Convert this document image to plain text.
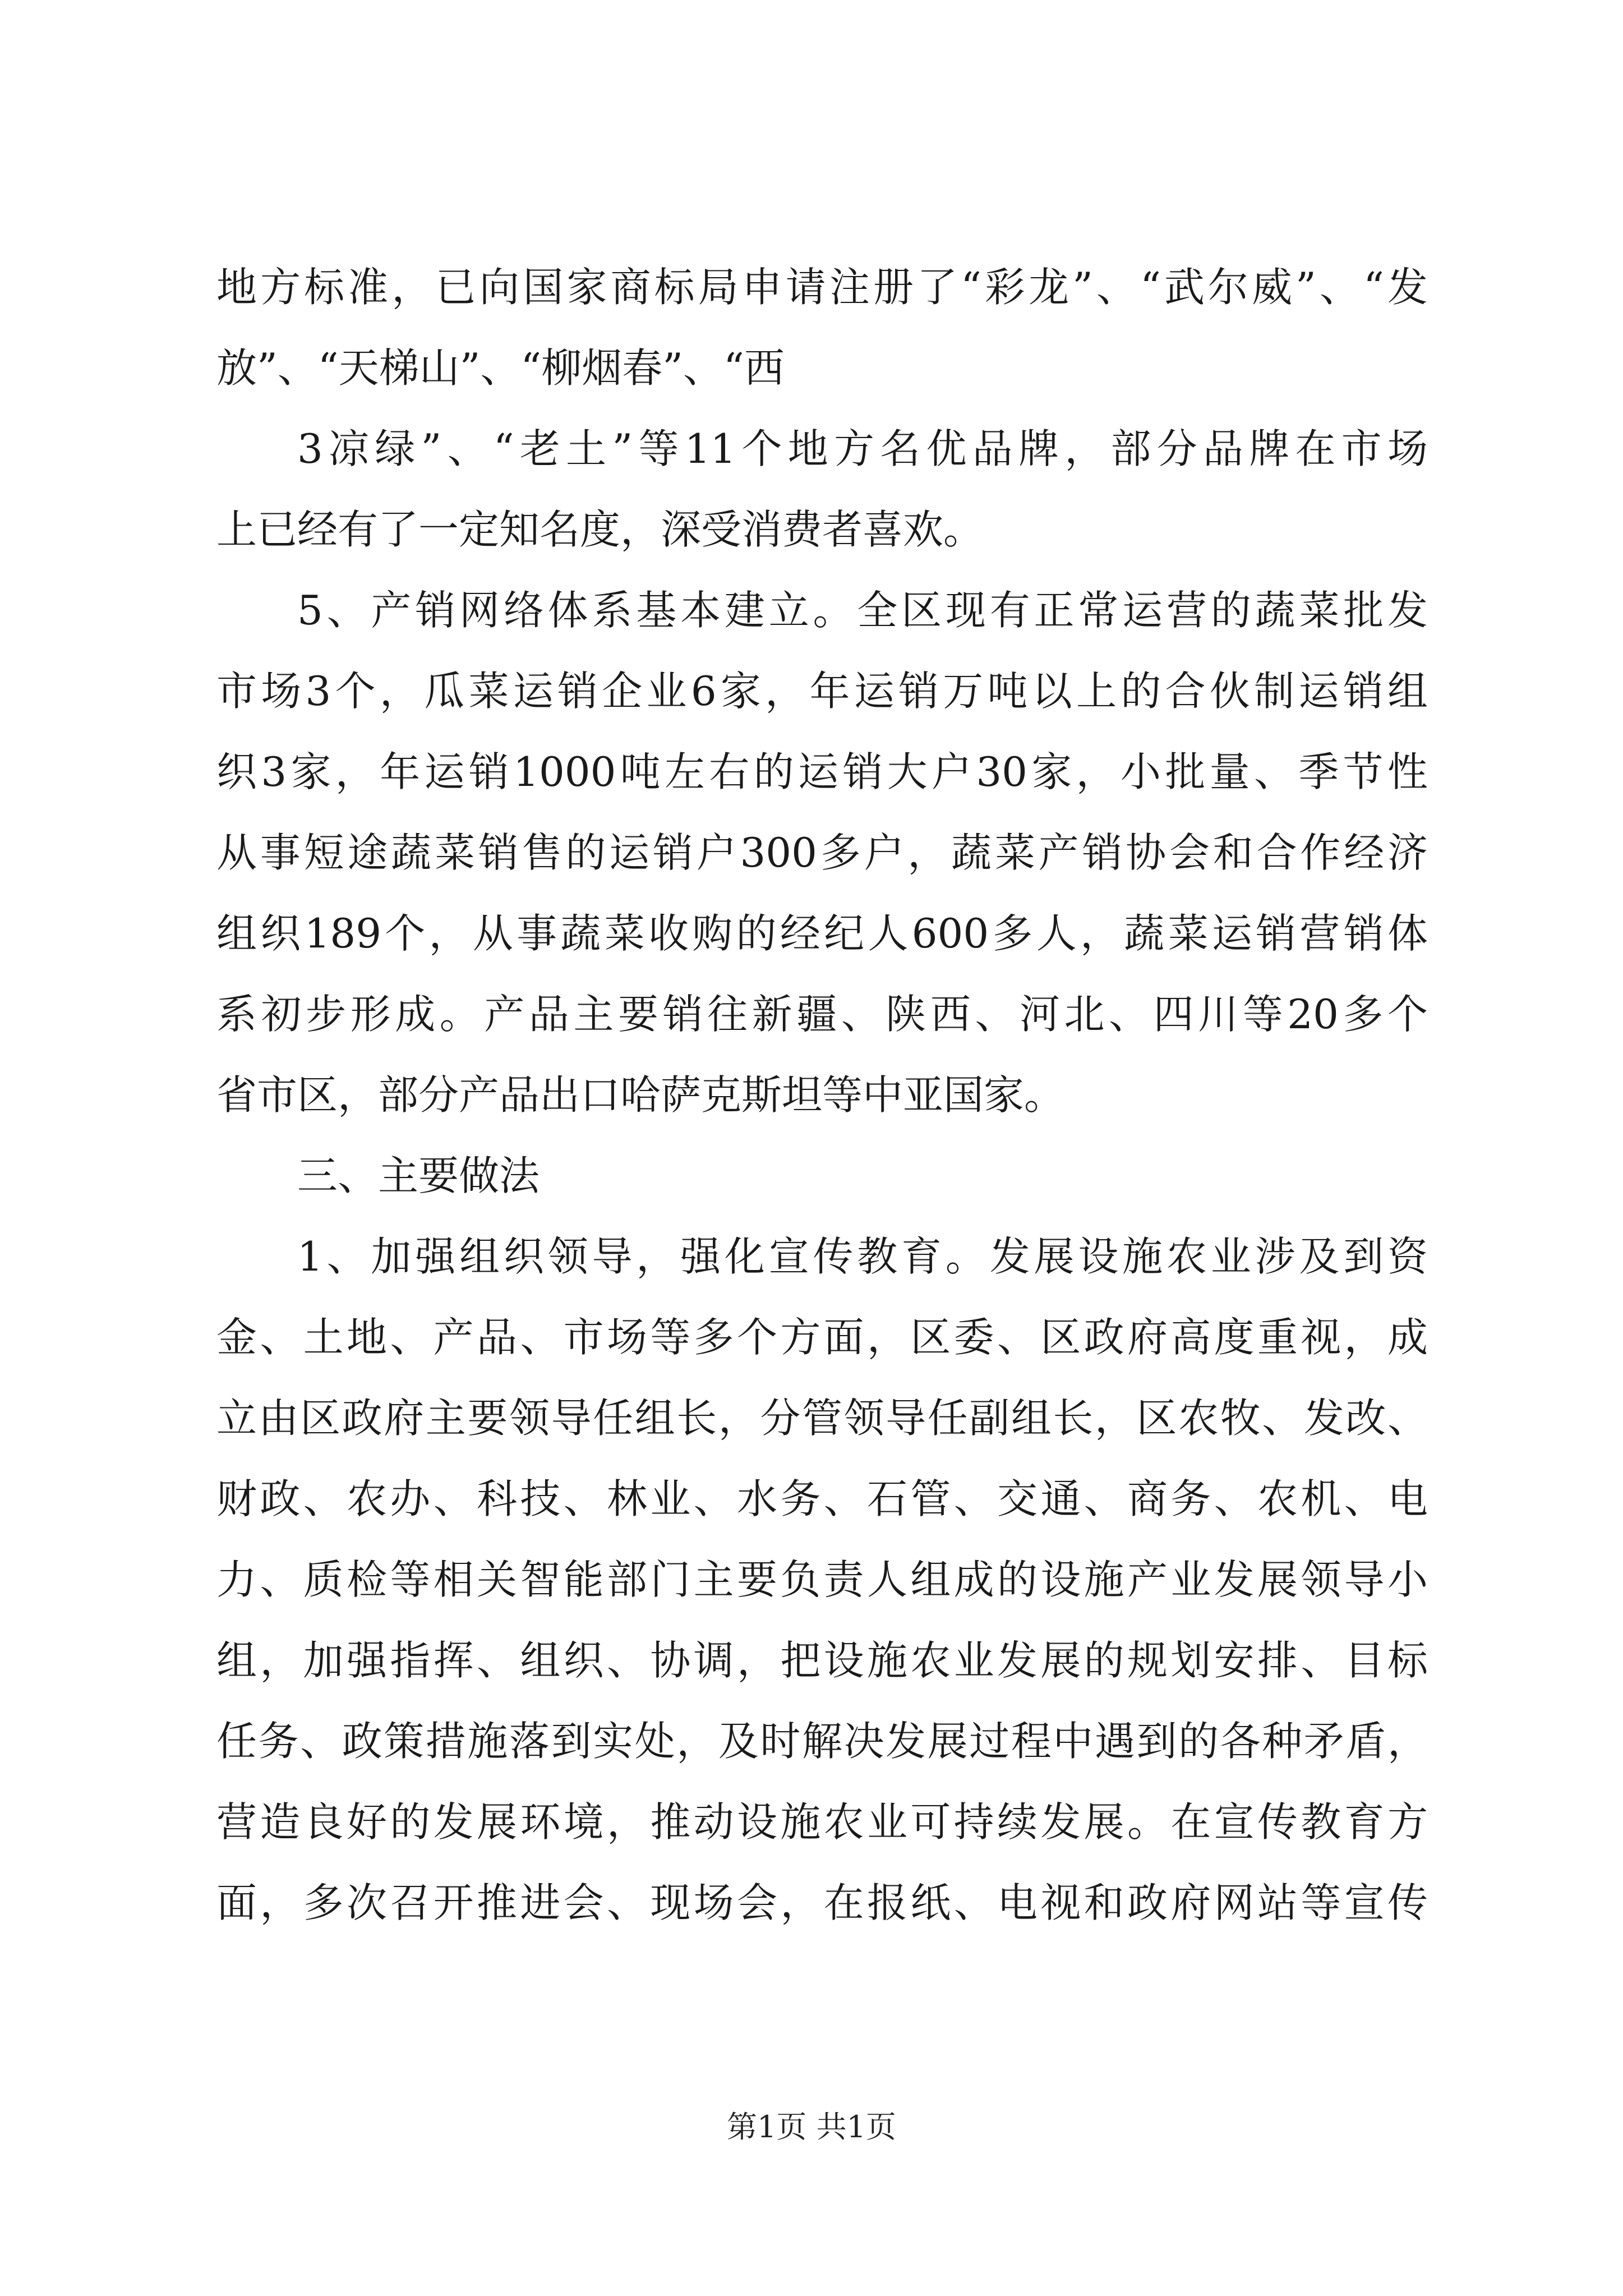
地方标准，已向国家商标局申请注册了“彩龙”、“武尔威”、“发
放”、“天梯山”、“柳烟春”、“西
3凉绿”、“老土”等11个地方名优品牌，部分品牌在市场
上已经有了一定知名度，深受消费者喜欢。
5、产销网络体系基本建立。全区现有正常运营的蔬菜批发
市场3个，瓜菜运销企业6家，年运销万吨以上的合伙制运销组
织3家，年运销1000吨左右的运销大户30家，小批量、季节性
从事短途蔬菜销售的运销户300多户，蔬菜产销协会和合作经济
组织189个，从事蔬菜收购的经纪人600多人，蔬菜运销营销体
系初步形成。产品主要销往新疆、陕西、河北、四川等20多个
省市区，部分产品出口哈萨克斯坦等中亚国家。
三、主要做法
1、加强组织领导，强化宣传教育。发展设施农业涉及到资
金、土地、产品、市场等多个方面，区委、区政府高度重视，成
立由区政府主要领导任组长，分管领导任副组长，区农牧、发改、
财政、农办、科技、林业、水务、石管、交通、商务、农机、电
力、质检等相关智能部门主要负责人组成的设施产业发展领导小
组，加强指挥、组织、协调，把设施农业发展的规划安排、目标
任务、政策措施落到实处，及时解决发展过程中遇到的各种矛盾，
营造良好的发展环境，推动设施农业可持续发展。在宣传教育方
面，多次召开推进会、现场会，在报纸、电视和政府网站等宣传
第1页 共1页
